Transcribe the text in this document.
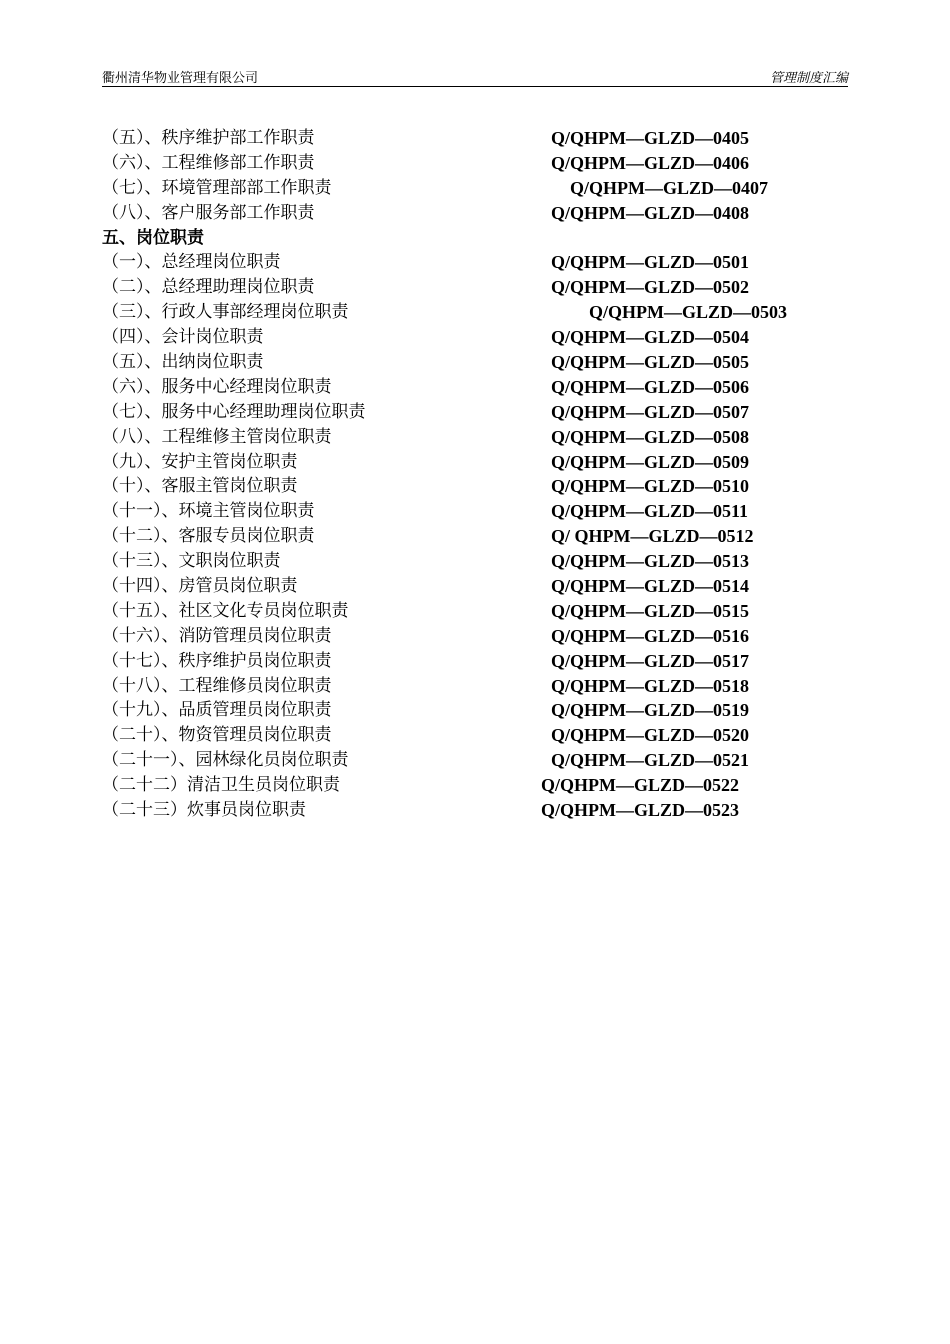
衢州清华物业管理有限公司	管理制度汇编
（五）、秩序维护部工作职责	Q/QHPM—GLZD—0405
（六）、工程维修部工作职责	Q/QHPM—GLZD—0406
（七）、环境管理部部工作职责	Q/QHPM—GLZD—0407
（八）、客户服务部工作职责	Q/QHPM—GLZD—0408
五、岗位职责
（一）、总经理岗位职责	Q/QHPM—GLZD—0501
（二）、总经理助理岗位职责	Q/QHPM—GLZD—0502
（三）、行政人事部经理岗位职责	Q/QHPM—GLZD—0503
（四）、会计岗位职责	Q/QHPM—GLZD—0504
（五）、出纳岗位职责	Q/QHPM—GLZD—0505
（六）、服务中心经理岗位职责	Q/QHPM—GLZD—0506
（七）、服务中心经理助理岗位职责	Q/QHPM—GLZD—0507
（八）、工程维修主管岗位职责	Q/QHPM—GLZD—0508
（九）、安护主管岗位职责	Q/QHPM—GLZD—0509
（十）、客服主管岗位职责	Q/QHPM—GLZD—0510
（十一）、环境主管岗位职责	Q/QHPM—GLZD—0511
（十二）、客服专员岗位职责	Q/ QHPM—GLZD—0512
（十三）、文职岗位职责	Q/QHPM—GLZD—0513
（十四）、房管员岗位职责	Q/QHPM—GLZD—0514
（十五）、社区文化专员岗位职责	Q/QHPM—GLZD—0515
（十六）、消防管理员岗位职责	Q/QHPM—GLZD—0516
（十七）、秩序维护员岗位职责	Q/QHPM—GLZD—0517
（十八）、工程维修员岗位职责	Q/QHPM—GLZD—0518
（十九）、品质管理员岗位职责	Q/QHPM—GLZD—0519
（二十）、物资管理员岗位职责	Q/QHPM—GLZD—0520
（二十一）、园林绿化员岗位职责	Q/QHPM—GLZD—0521
（二十二）清洁卫生员岗位职责	Q/QHPM—GLZD—0522
（二十三）炊事员岗位职责	Q/QHPM—GLZD—0523
